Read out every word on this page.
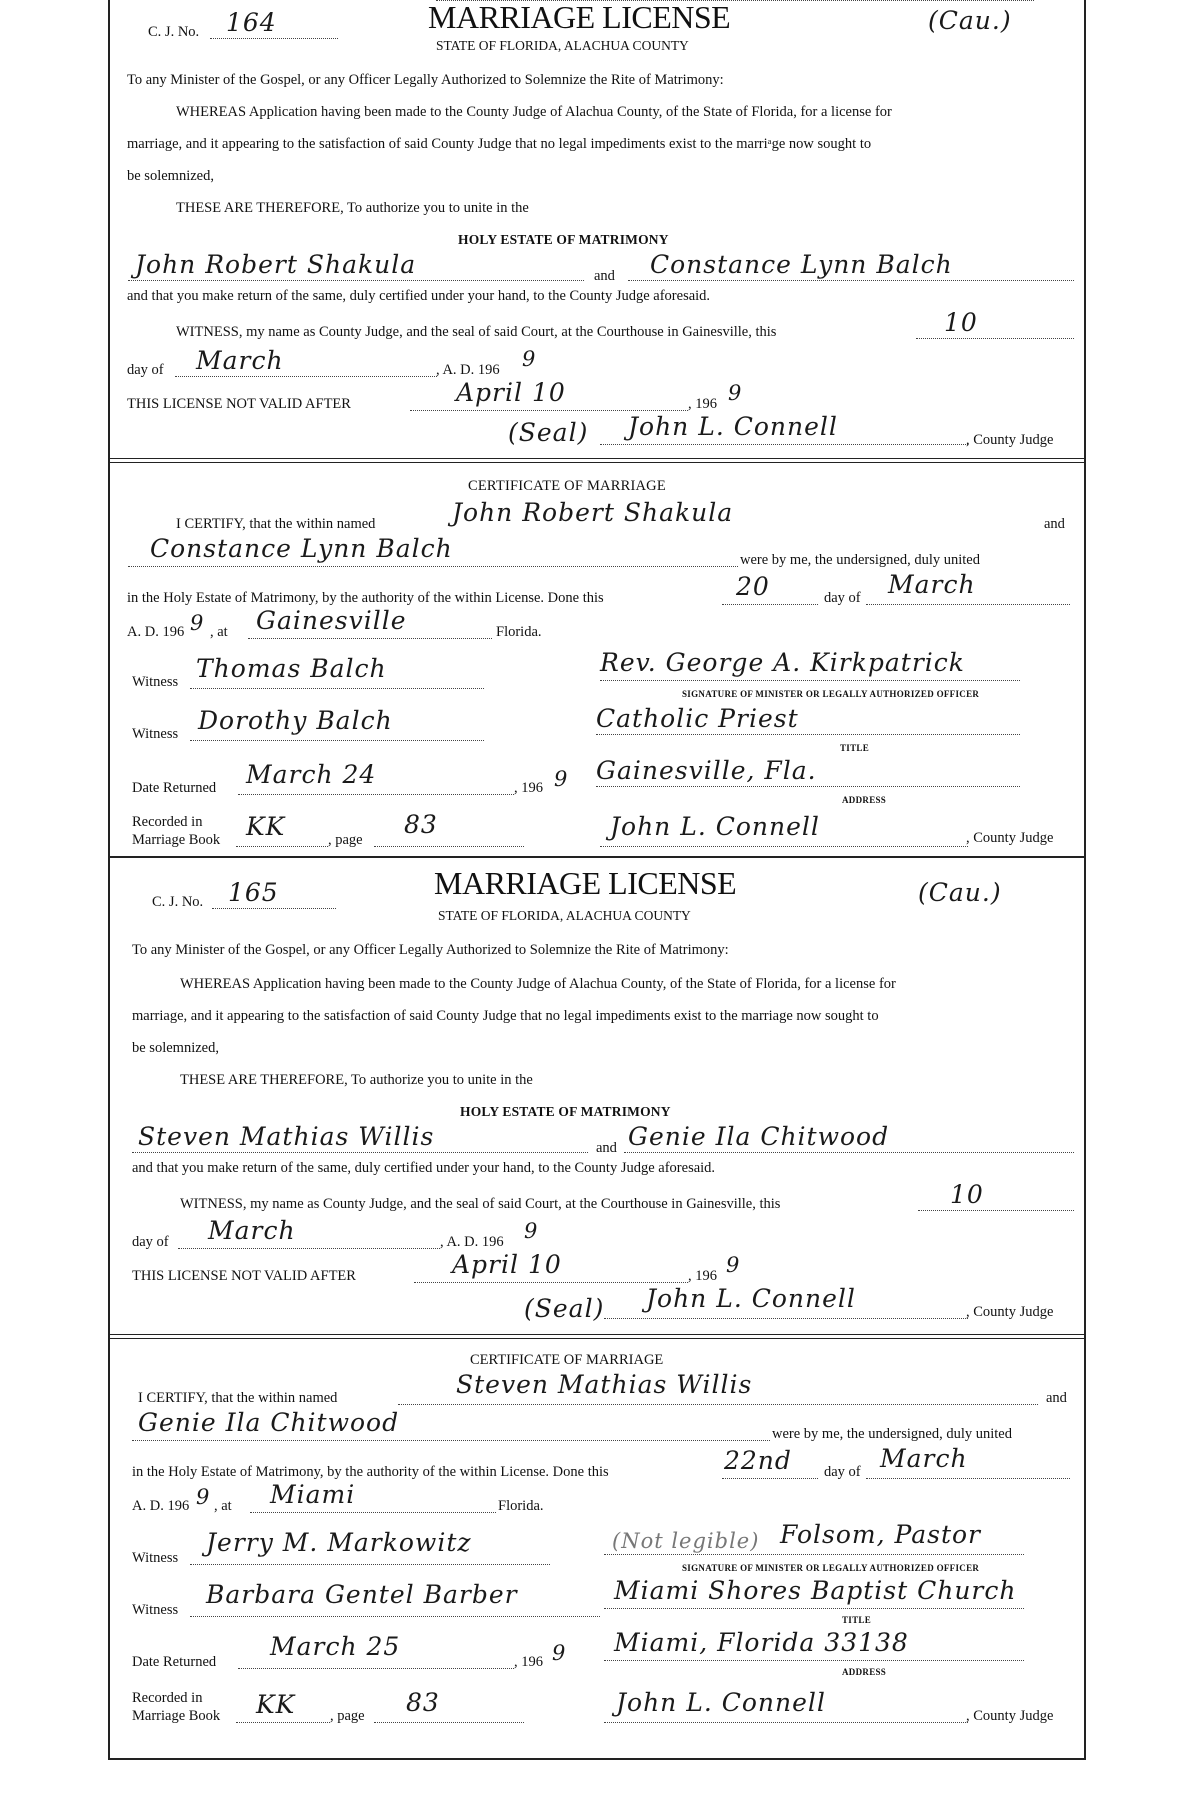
C. J. No. 164	MARRIAGE LICENSE	(Cau.)
STATE OF FLORIDA, ALACHUA COUNTY
To any Minister of the Gospel, or any Officer Legally Authorized to Solemnize the Rite of Matrimony:
WHEREAS Application having been made to the County Judge of Alachua County, of the State of Florida, for a license for
marriage, and it appearing to the satisfaction of said County Judge that no legal impediments exist to the marriᵃge now sought to
be solemnized,
THESE ARE THEREFORE, To authorize you to unite in the
HOLY ESTATE OF MATRIMONY
John Robert Shakula	and Constance Lynn Balch
and that you make return of the same, duly certified under your hand, to the County Judge aforesaid.
WITNESS, my name as County Judge, and the seal of said Court, at the Courthouse in Gainesville, this	10
day of March	, A. D. 196 9
THIS LICENSE NOT VALID AFTER	April 10	, 196 9
(Seal) John L. Connell	, County Judge
CERTIFICATE OF MARRIAGE
I CERTIFY, that the within named	John Robert Shakula	and
Constance Lynn Balch	were by me, the undersigned, duly united
in the Holy Estate of Matrimony, by the authority of the within License. Done this	20	day of March
A. D. 196 9 , at Gainesville	Florida.
Witness Thomas Balch	Rev. George A. Kirkpatrick
SIGNATURE OF MINISTER OR LEGALLY AUTHORIZED OFFICER
Witness Dorothy Balch	Catholic Priest
TITLE
Date Returned March 24	, 196 9 Gainesville, Fla.
ADDRESS
Recorded in
Marriage Book KK	, page
83	John L. Connell	, County Judge
C. J. No. 165	MARRIAGE LICENSE	(Cau.)
STATE OF FLORIDA, ALACHUA COUNTY
To any Minister of the Gospel, or any Officer Legally Authorized to Solemnize the Rite of Matrimony:
WHEREAS Application having been made to the County Judge of Alachua County, of the State of Florida, for a license for
marriage, and it appearing to the satisfaction of said County Judge that no legal impediments exist to the marriage now sought to
be solemnized,
THESE ARE THEREFORE, To authorize you to unite in the
HOLY ESTATE OF MATRIMONY
Steven Mathias Willis	and Genie Ila Chitwood
and that you make return of the same, duly certified under your hand, to the County Judge aforesaid.
WITNESS, my name as County Judge, and the seal of said Court, at the Courthouse in Gainesville, this	10
day of March	, A. D. 196 9
THIS LICENSE NOT VALID AFTER	April 10	, 196 9
(Seal) John L. Connell	, County Judge
CERTIFICATE OF MARRIAGE
I CERTIFY, that the within named	Steven Mathias Willis	and
Genie Ila Chitwood	were by me, the undersigned, duly united
in the Holy Estate of Matrimony, by the authority of the within License. Done this	22nd day of March
A. D. 196 9 , at Miami	Florida.
Witness
Jerry M. Markowitz	(Not legible) Folsom, Pastor
SIGNATURE OF MINISTER OR LEGALLY AUTHORIZED OFFICER
Witness
Barbara Gentel Barber	Miami Shores Baptist Church
TITLE
Date Returned
March 25
, 196 9 Miami, Florida 33138
ADDRESS
Recorded in
Marriage Book KK , page 83	John L. Connell	, County Judge
